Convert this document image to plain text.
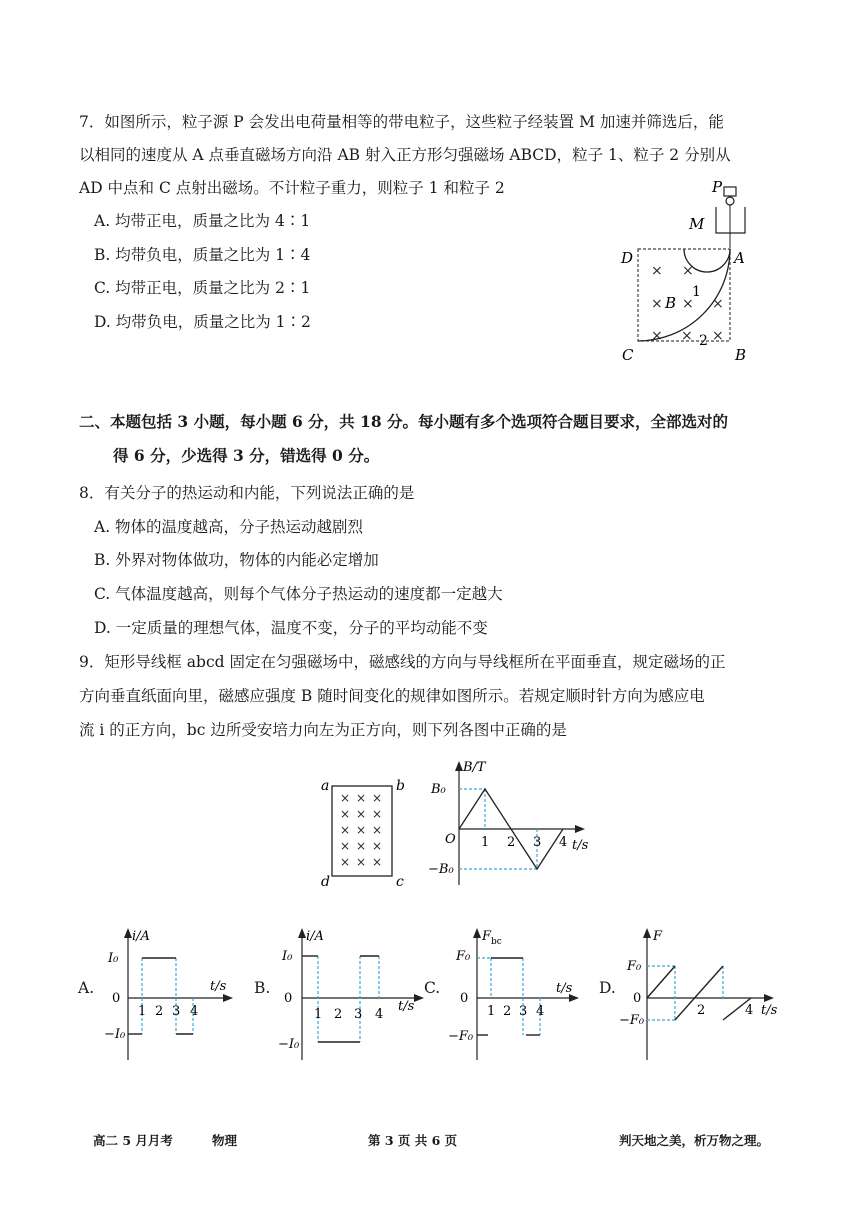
7．如图所示，粒子源 P 会发出电荷量相等的带电粒子，这些粒子经装置 M 加速并筛选后，能
以相同的速度从 A 点垂直磁场方向沿 AB 射入正方形匀强磁场 ABCD，粒子 1、粒子 2 分别从
AD 中点和 C 点射出磁场。不计粒子重力，则粒子 1 和粒子 2
A. 均带正电，质量之比为 4∶1
B. 均带负电，质量之比为 1∶4
C. 均带正电，质量之比为 2∶1
D. 均带负电，质量之比为 1∶2
P
M
D	A
C	B
× ×
× × ×
× × ×
B
1
2
二、本题包括 3 小题，每小题 6 分，共 18 分。每小题有多个选项符合题目要求，全部选对的
得 6 分，少选得 3 分，错选得 0 分。
8．有关分子的热运动和内能，下列说法正确的是
A. 物体的温度越高，分子热运动越剧烈
B. 外界对物体做功，物体的内能必定增加
C. 气体温度越高，则每个气体分子热运动的速度都一定越大
D. 一定质量的理想气体，温度不变，分子的平均动能不变
9．矩形导线框 abcd 固定在匀强磁场中，磁感线的方向与导线框所在平面垂直，规定磁场的正
方向垂直纸面向里，磁感应强度 B 随时间变化的规律如图所示。若规定顺时针方向为感应电
流 i 的正方向，bc 边所受安培力向左为正方向，则下列各图中正确的是
a	b
c
d
× × ×
× × ×
× × ×
× × ×
× × ×
B/T
t/s
O
B₀
−B₀
1 2 3 4
A.
i/A
t/s
0
I₀
−I₀
1 2 3 4
B.
i/A
t/s
0
I₀
−I₀
1 2 3 4
C.
F bc
t/s
0
F₀
−F₀
1 2 3 4
D.
F
t/s
0
F₀
−F₀
2	4
高二 5 月月考	物理	第 3 页 共 6 页	判天地之美，析万物之理。
